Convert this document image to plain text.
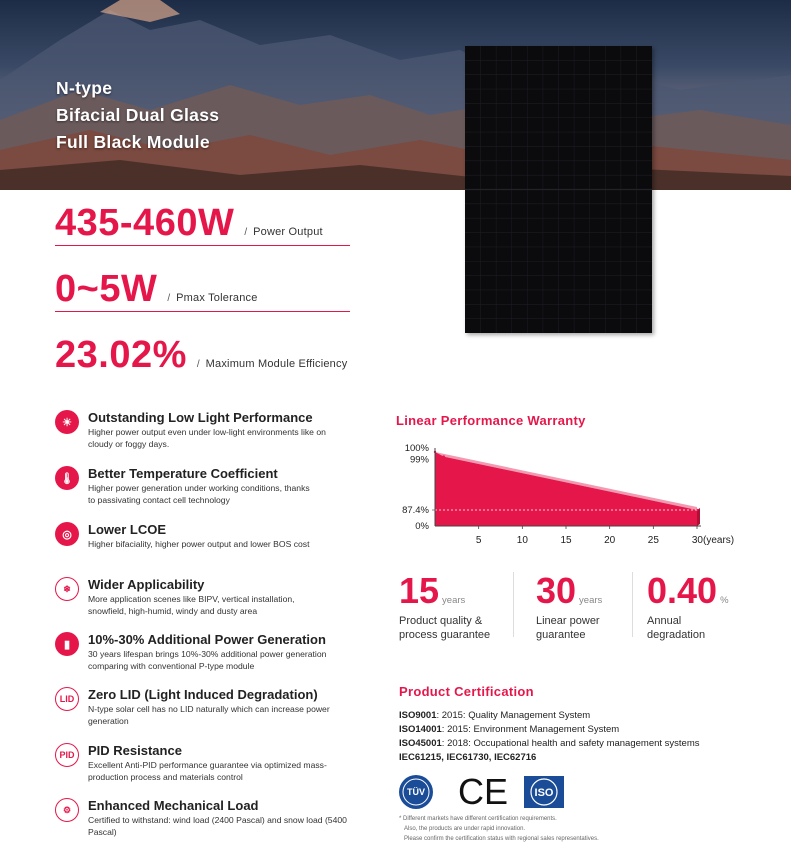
N-type
Bifacial Dual Glass
Full Black Module
435-460W / Power Output
0~5W / Pmax Tolerance
23.02% / Maximum Module Efficiency
☀	Outstanding Low Light Performance
Higher power output even under low-light environments like on cloudy or foggy days.
🌡	Better Temperature Coefficient
Higher power generation under working conditions, thanks to passivating contact cell technology
◎	Lower LCOE
Higher bifaciality, higher power output and lower BOS cost
❄	Wider Applicability
More application scenes like BIPV, vertical installation, snowfield, high-humid, windy and dusty area
▮	10%-30% Additional Power Generation
30 years lifespan brings 10%-30% additional power generation comparing with conventional P-type module
LID	Zero LID (Light Induced Degradation)
N-type solar cell has no LID naturally which can increase power generation
PID	PID Resistance
Excellent Anti-PID performance guarantee via optimized mass-production process and materials control
⚙	Enhanced Mechanical Load
Certified to withstand: wind load (2400 Pascal) and snow load (5400 Pascal)
Linear Performance Warranty
100%
99%
87.4%
0%
5	10	15	20	25	30(years)
15 years
Product quality &
process guarantee
30 years
Linear power
guarantee
0.40 %
Annual
degradation
Product Certification
ISO9001: 2015: Quality Management System
ISO14001: 2015: Environment Management System
ISO45001: 2018: Occupational health and safety management systems
IEC61215, IEC61730, IEC62716
TÜV CE ISO
* Different markets have different certification requirements.
Also, the products are under rapid innovation.
Please confirm the certification status with regional sales representatives.
